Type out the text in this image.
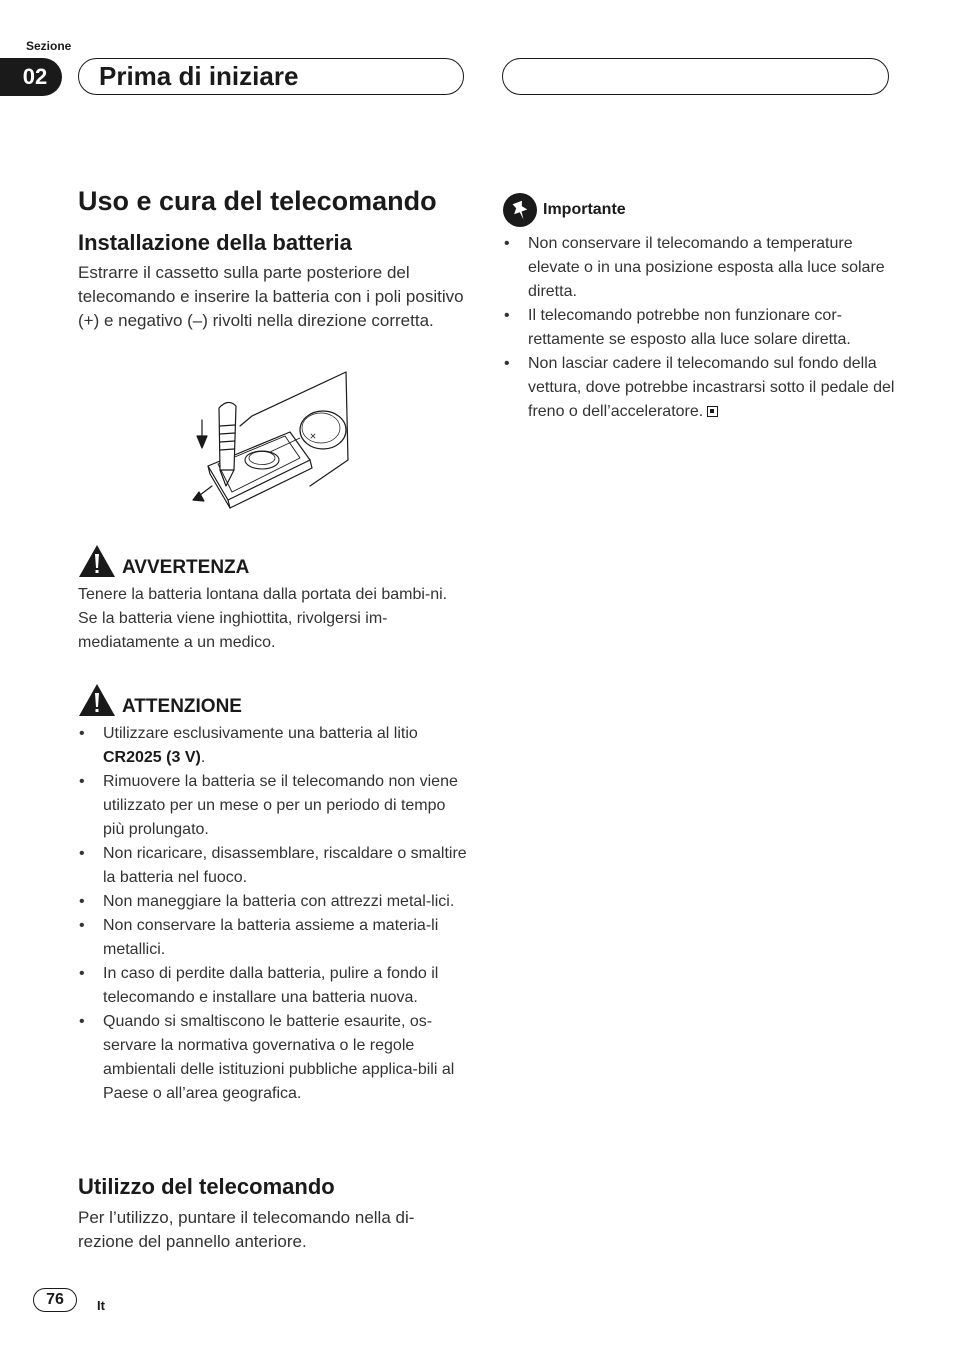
Sezione
02	Prima di iniziare
Uso e cura del telecomando
Installazione della batteria

Estrarre il cassetto sulla parte posteriore del telecomando e inserire la batteria con i poli positivo (+) e negativo (–) rivolti nella direzione corretta.

AVVERTENZA

Tenere la batteria lontana dalla portata dei bambi-ni. Se la batteria viene inghiottita, rivolgersi im-mediatamente a un medico.

ATTENZIONE
• Utilizzare esclusivamente una batteria al litio CR2025 (3 V).
• Rimuovere la batteria se il telecomando non viene utilizzato per un mese o per un periodo di tempo più prolungato.
• Non ricaricare, disassemblare, riscaldare o smaltire la batteria nel fuoco.
• Non maneggiare la batteria con attrezzi metal-lici.
• Non conservare la batteria assieme a materia-li metallici.
• In caso di perdite dalla batteria, pulire a fondo il telecomando e installare una batteria nuova.
• Quando si smaltiscono le batterie esaurite, os-servare la normativa governativa o le regole ambientali delle istituzioni pubbliche applica-bili al Paese o all’area geografica.
Utilizzo del telecomando

Per l’utilizzo, puntare il telecomando nella di-rezione del pannello anteriore.

Importante
• Non conservare il telecomando a temperature elevate o in una posizione esposta alla luce solare diretta.
• Il telecomando potrebbe non funzionare cor-rettamente se esposto alla luce solare diretta.
• Non lasciar cadere il telecomando sul fondo della vettura, dove potrebbe incastrarsi sotto il pedale del freno o dell’acceleratore.
76	It
